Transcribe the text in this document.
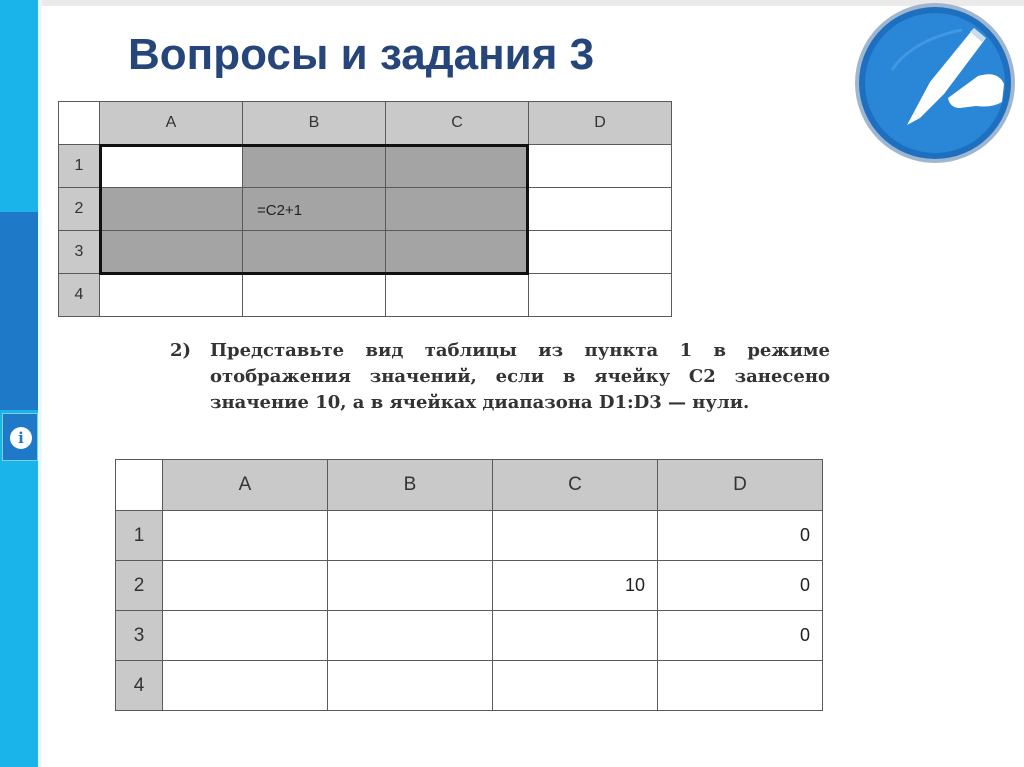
i
Вопросы и задания 3
	A	B	C	D
1	

2		=C2+1		

3	

4	

2) Представьте вид таблицы из пункта 1 в режиме отображения значений, если в ячейку С2 занесено значение 10, а в ячейках диапазона D1:D3 — нули.
	A	B	C	D
1				0
2			10	0
3				0
4				
